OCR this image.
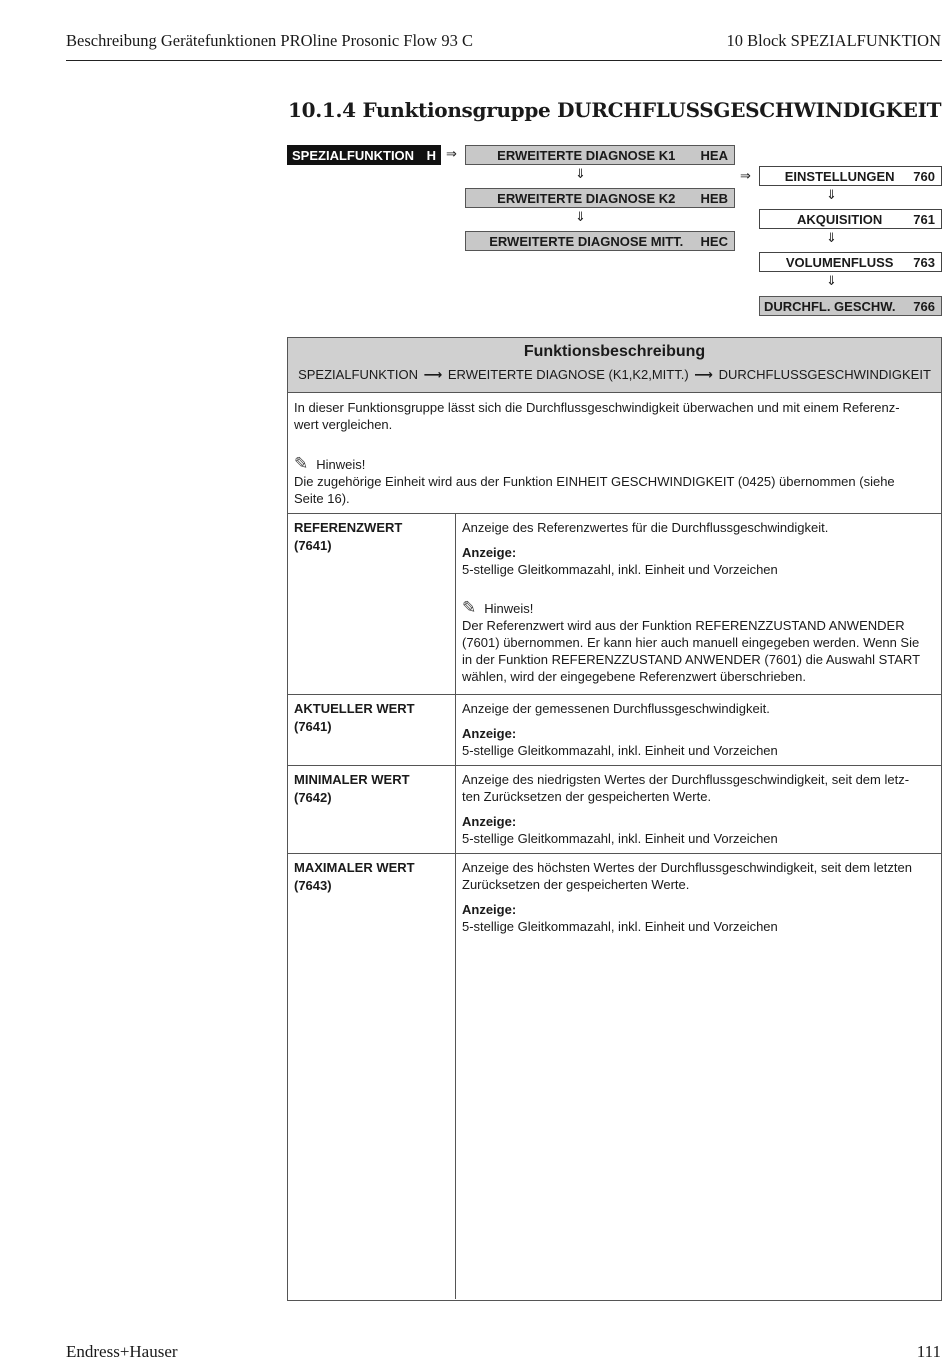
Beschreibung Gerätefunktionen PROline Prosonic Flow 93 C	10 Block SPEZIALFUNKTION
10.1.4 Funktionsgruppe DURCHFLUSSGESCHWINDIGKEIT
SPEZIALFUNKTION H ⇒	ERWEITERTE DIAGNOSE K1	HEA
⇓
ERWEITERTE DIAGNOSE K2	HEB
⇓
ERWEITERTE DIAGNOSE MITT.	HEC
⇒	EINSTELLUNGEN	760
⇓
AKQUISITION	761
⇓
VOLUMENFLUSS	763
⇓
DURCHFL. GESCHW.	766
Funktionsbeschreibung
SPEZIALFUNKTION ⟶ ERWEITERTE DIAGNOSE (K1,K2,MITT.) ⟶ DURCHFLUSSGESCHWINDIGKEIT
In dieser Funktionsgruppe lässt sich die Durchflussgeschwindigkeit überwachen und mit einem Referenz-
wert vergleichen.
✎ Hinweis!
Die zugehörige Einheit wird aus der Funktion EINHEIT GESCHWINDIGKEIT (0425) übernommen (siehe
Seite 16).
REFERENZWERT
(7641)
Anzeige des Referenzwertes für die Durchflussgeschwindigkeit.
Anzeige:
5-stellige Gleitkommazahl, inkl. Einheit und Vorzeichen
✎ Hinweis!
Der Referenzwert wird aus der Funktion REFERENZZUSTAND ANWENDER
(7601) übernommen. Er kann hier auch manuell eingegeben werden. Wenn Sie
in der Funktion REFERENZZUSTAND ANWENDER (7601) die Auswahl START
wählen, wird der eingegebene Referenzwert überschrieben.
AKTUELLER WERT
(7641)
Anzeige der gemessenen Durchflussgeschwindigkeit.
Anzeige:
5-stellige Gleitkommazahl, inkl. Einheit und Vorzeichen
MINIMALER WERT
(7642)
Anzeige des niedrigsten Wertes der Durchflussgeschwindigkeit, seit dem letz-
ten Zurücksetzen der gespeicherten Werte.
Anzeige:
5-stellige Gleitkommazahl, inkl. Einheit und Vorzeichen
MAXIMALER WERT
(7643)
Anzeige des höchsten Wertes der Durchflussgeschwindigkeit, seit dem letzten
Zurücksetzen der gespeicherten Werte.
Anzeige:
5-stellige Gleitkommazahl, inkl. Einheit und Vorzeichen
Endress+Hauser	111
